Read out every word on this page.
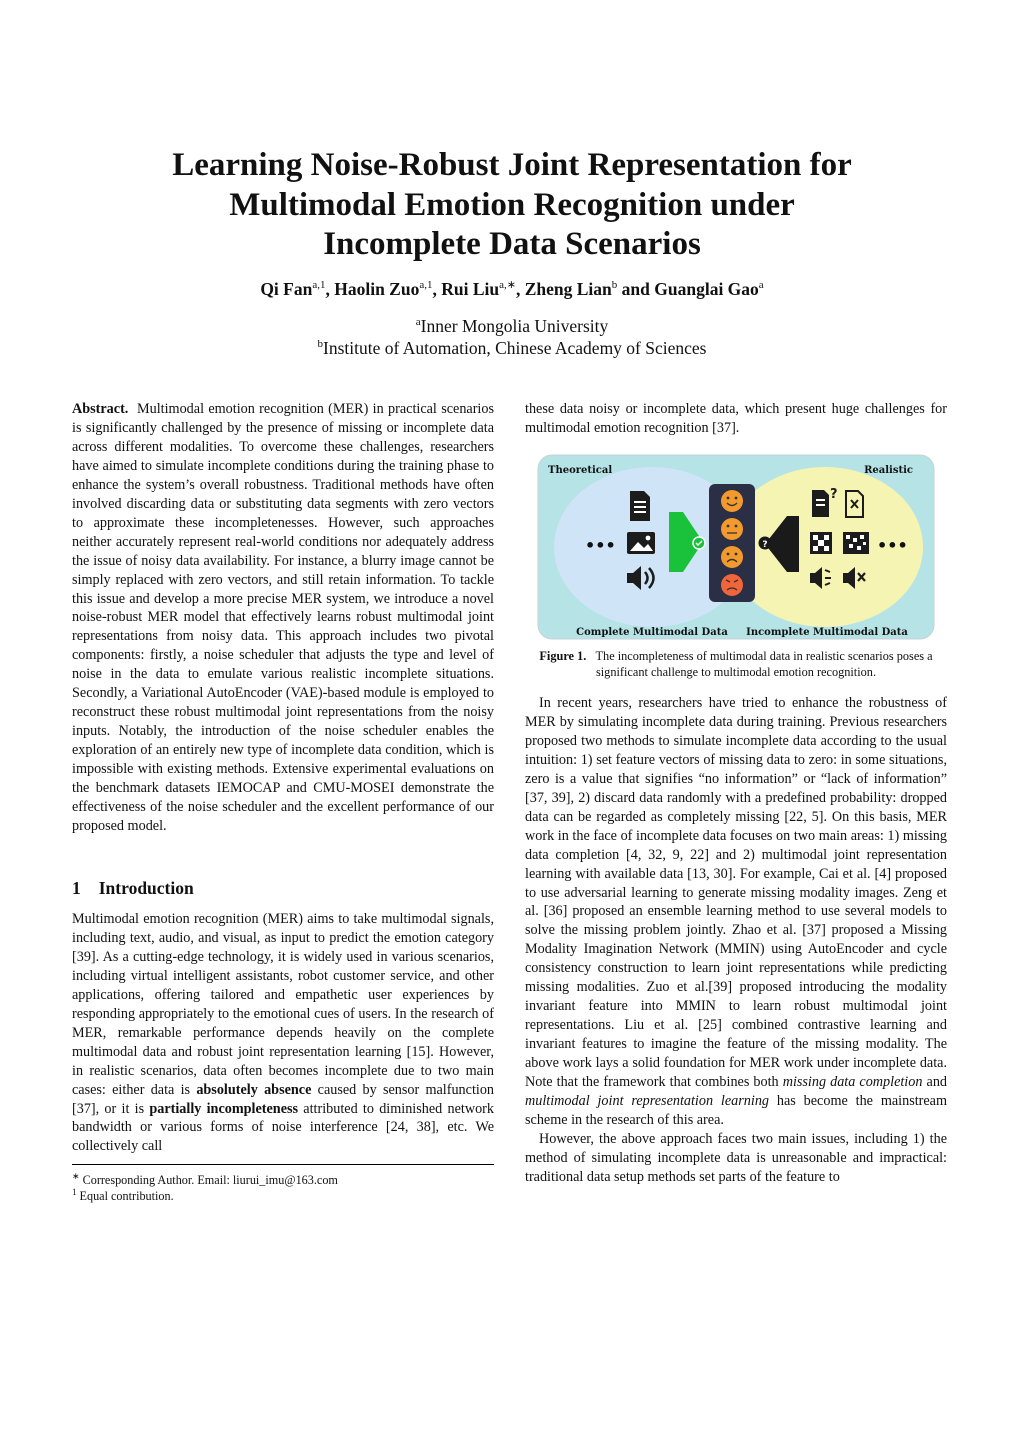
Learning Noise-Robust Joint Representation for
Multimodal Emotion Recognition under
Incomplete Data Scenarios
Qi Fan$^{a,1}$, Haolin Zuo$^{a,1}$, Rui Liu$^{a,∗}$, Zheng Lian$^b$ and Guanglai Gao$^a$
$^a$Inner Mongolia University
$^b$Institute of Automation, Chinese Academy of Sciences

Abstract. Multimodal emotion recognition (MER) in practical scenarios is significantly challenged by the presence of missing or incomplete data across different modalities. To overcome these challenges, researchers have aimed to simulate incomplete conditions during the training phase to enhance the system’s overall robustness. Traditional methods have often involved discarding data or substituting data segments with zero vectors to approximate these incompletenesses. However, such approaches neither accurately represent real-world conditions nor adequately address the issue of noisy data availability. For instance, a blurry image cannot be simply replaced with zero vectors, and still retain information. To tackle this issue and develop a more precise MER system, we introduce a novel noise-robust MER model that effectively learns robust multimodal joint representations from noisy data. This approach includes two pivotal components: firstly, a noise scheduler that adjusts the type and level of noise in the data to emulate various realistic incomplete situations. Secondly, a Variational AutoEncoder (VAE)-based module is employed to reconstruct these robust multimodal joint representations from the noisy inputs. Notably, the introduction of the noise scheduler enables the exploration of an entirely new type of incomplete data condition, which is impossible with existing methods. Extensive experimental evaluations on the benchmark datasets IEMOCAP and CMU-MOSEI demonstrate the effectiveness of the noise scheduler and the excellent performance of our proposed model.

1 Introduction

Multimodal emotion recognition (MER) aims to take multimodal signals, including text, audio, and visual, as input to predict the emotion category [39]. As a cutting-edge technology, it is widely used in various scenarios, including virtual intelligent assistants, robot customer service, and other applications, offering tailored and empathetic user experiences by responding appropriately to the emotional cues of users. In the research of MER, remarkable performance depends heavily on the complete multimodal data and robust joint representation learning [15]. However, in realistic scenarios, data often becomes incomplete due to two main cases: either data is absolutely absence caused by sensor malfunction [37], or it is partially incompleteness attributed to diminished network bandwidth or various forms of noise interference [24, 38], etc. We collectively call

∗ Corresponding Author. Email: liurui_imu@163.com
$^1$ Equal contribution.

these data noisy or incomplete data, which present huge challenges for multimodal emotion recognition [37].

Theoretical	Realistic
Complete Multimodal Data Incomplete Multimodal Data
•••	?
?
•••
Figure 1. The incompleteness of multimodal data in realistic scenarios poses a significant challenge to multimodal emotion recognition.

In recent years, researchers have tried to enhance the robustness of MER by simulating incomplete data during training. Previous researchers proposed two methods to simulate incomplete data according to the usual intuition: 1) set feature vectors of missing data to zero: in some situations, zero is a value that signifies “no information” or “lack of information” [37, 39], 2) discard data randomly with a predefined probability: dropped data can be regarded as completely missing [22, 5]. On this basis, MER work in the face of incomplete data focuses on two main areas: 1) missing data completion [4, 32, 9, 22] and 2) multimodal joint representation learning with available data [13, 30]. For example, Cai et al. [4] proposed to use adversarial learning to generate missing modality images. Zeng et al. [36] proposed an ensemble learning method to use several models to solve the missing problem jointly. Zhao et al. [37] proposed a Missing Modality Imagination Network (MMIN) using AutoEncoder and cycle consistency construction to learn joint representations while predicting missing modalities. Zuo et al.[39] proposed introducing the modality invariant feature into MMIN to learn robust multimodal joint representations. Liu et al. [25] combined contrastive learning and invariant features to imagine the feature of the missing modality. The above work lays a solid foundation for MER work under incomplete data. Note that the framework that combines both missing data completion and multimodal joint representation learning has become the mainstream scheme in the research of this area.

However, the above approach faces two main issues, including 1) the method of simulating incomplete data is unreasonable and impractical: traditional data setup methods set parts of the feature to
